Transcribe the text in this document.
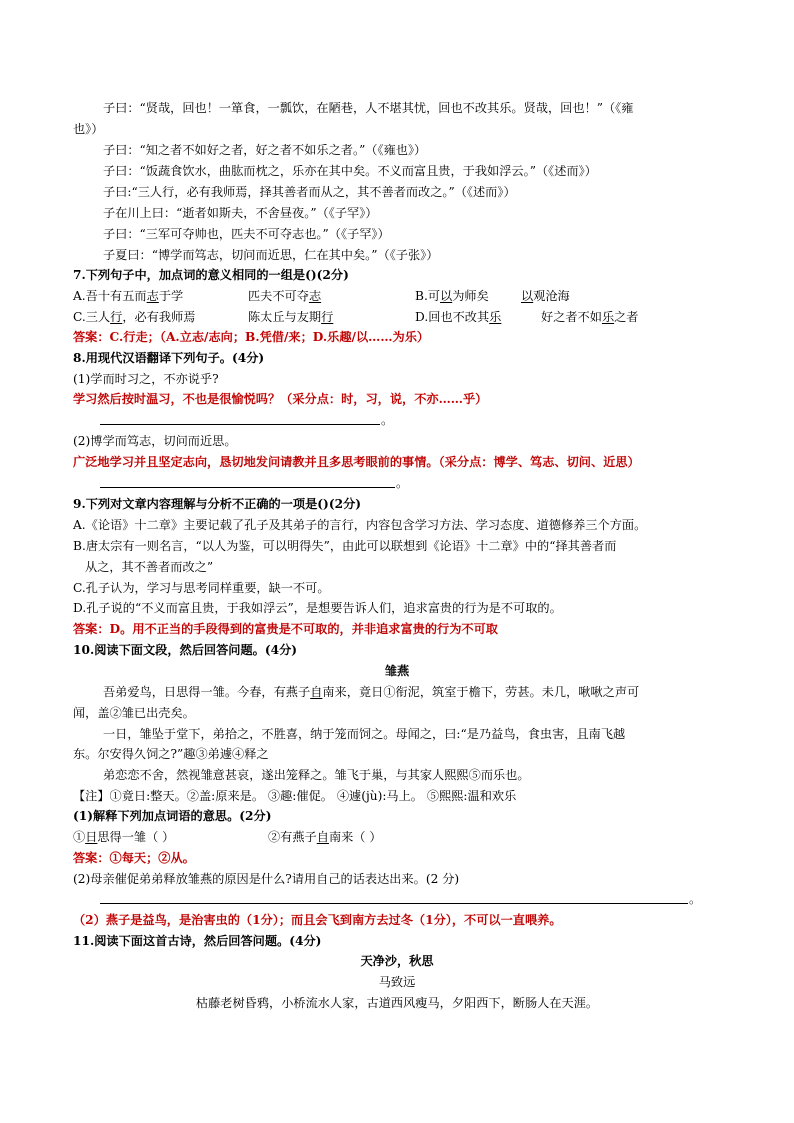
子曰：“贤哉，回也！一箪食，一瓢饮，在陋巷，人不堪其忧，回也不改其乐。贤哉，回也！”（《雍
也》）
子曰：“知之者不如好之者，好之者不如乐之者。”（《雍也》）
子曰：“饭蔬食饮水，曲肱而枕之，乐亦在其中矣。不义而富且贵，于我如浮云。”（《述而》）
子曰:“三人行，必有我师焉，择其善者而从之，其不善者而改之。”（《述而》）
子在川上曰：“逝者如斯夫，不舍昼夜。”（《子罕》）
子曰：“三军可夺帅也，匹夫不可夺志也。”（《子罕》）
子夏曰：“博学而笃志，切问而近思，仁在其中矣。”（《子张》）
7.下列句子中，加点词的意义相同的一组是()(2分)
A.吾十有五而志于学	匹夫不可夺志	B.可以为师矣	以观沧海
C.三人行，必有我师焉	陈太丘与友期行	D.回也不改其乐	好之者不如乐之者
答案：C.行走；（A.立志/志向；B.凭借/来；D.乐趣/以……为乐）
8.用现代汉语翻译下列句子。(4分)
(1)学而时习之，不亦说乎?
学习然后按时温习，不也是很愉悦吗？（采分点：时，习，说，不亦……乎）
。
(2)博学而笃志，切问而近思。
广泛地学习并且坚定志向，恳切地发问请教并且多思考眼前的事情。（采分点：博学、笃志、切问、近思）
。
9.下列对文章内容理解与分析不正确的一项是()(2分)
A.《论语》十二章》主要记载了孔子及其弟子的言行，内容包含学习方法、学习态度、道德修养三个方面。
B.唐太宗有一则名言，“以人为鉴，可以明得失”，由此可以联想到《论语》十二章》中的“择其善者而
从之，其不善者而改之”
C.孔子认为，学习与思考同样重要，缺一不可。
D.孔子说的“不义而富且贵，于我如浮云”，是想要告诉人们，追求富贵的行为是不可取的。
答案：D。用不正当的手段得到的富贵是不可取的，并非追求富贵的行为不可取
10.阅读下面文段，然后回答问题。(4分)
雏燕
吾弟爱鸟，日思得一雏。今春，有燕子自南来，竟日①衔泥，筑室于檐下，劳甚。未几，啾啾之声可
闻，盖②雏已出壳矣。
一日，雏坠于堂下，弟拾之，不胜喜，纳于笼而饲之。母闻之，曰:“是乃益鸟，食虫害，且南飞越
东。尔安得久饲之?”趣③弟遽④释之
弟恋恋不舍，然视雏意甚哀，遂出笼释之。雏飞于巢，与其家人熙熙⑤而乐也。
【注】①竟日:整天。②盖:原来是。 ③趣:催促。 ④遽(jù):马上。 ⑤熙熙:温和欢乐
(1)解释下列加点词语的意思。(2分)
①日思得一雏（ ）	②有燕子自南来（ ）
答案：①每天；②从。
(2)母亲催促弟弟释放雏燕的原因是什么?请用自己的话表达出来。(2 分)
。
（2）燕子是益鸟，是治害虫的（1分）；而且会飞到南方去过冬（1分），不可以一直喂养。
11.阅读下面这首古诗，然后回答问题。(4分)
天净沙，秋思
马致远
枯藤老树昏鸦，小桥流水人家，古道西风瘦马，夕阳西下，断肠人在天涯。
